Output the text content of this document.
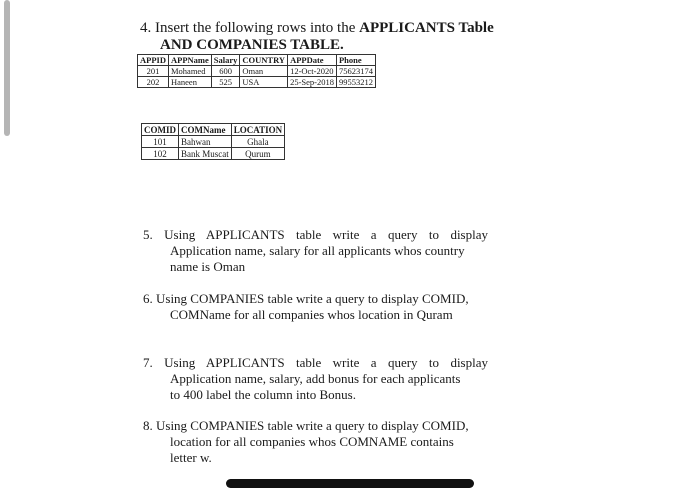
4. Insert the following rows into the APPLICANTS Table
AND COMPANIES TABLE.
APPID	APPName	Salary	COUNTRY	APPDate	Phone
201	Mohamed	600	Oman	12-Oct-2020	75623174
202	Haneen	525	USA	25-Sep-2018	99553212
COMID	COMName	LOCATION
101	Bahwan	Ghala
102	Bank Muscat	Qurum
5. Using APPLICANTS table write a query to display
Application name, salary for all applicants whos country
name is Oman
6. Using COMPANIES table write a query to display COMID,
COMName for all companies whos location in Quram
7. Using APPLICANTS table write a query to display
Application name, salary, add bonus for each applicants
to 400 label the column into Bonus.
8. Using COMPANIES table write a query to display COMID,
location for all companies whos COMNAME contains
letter w.
